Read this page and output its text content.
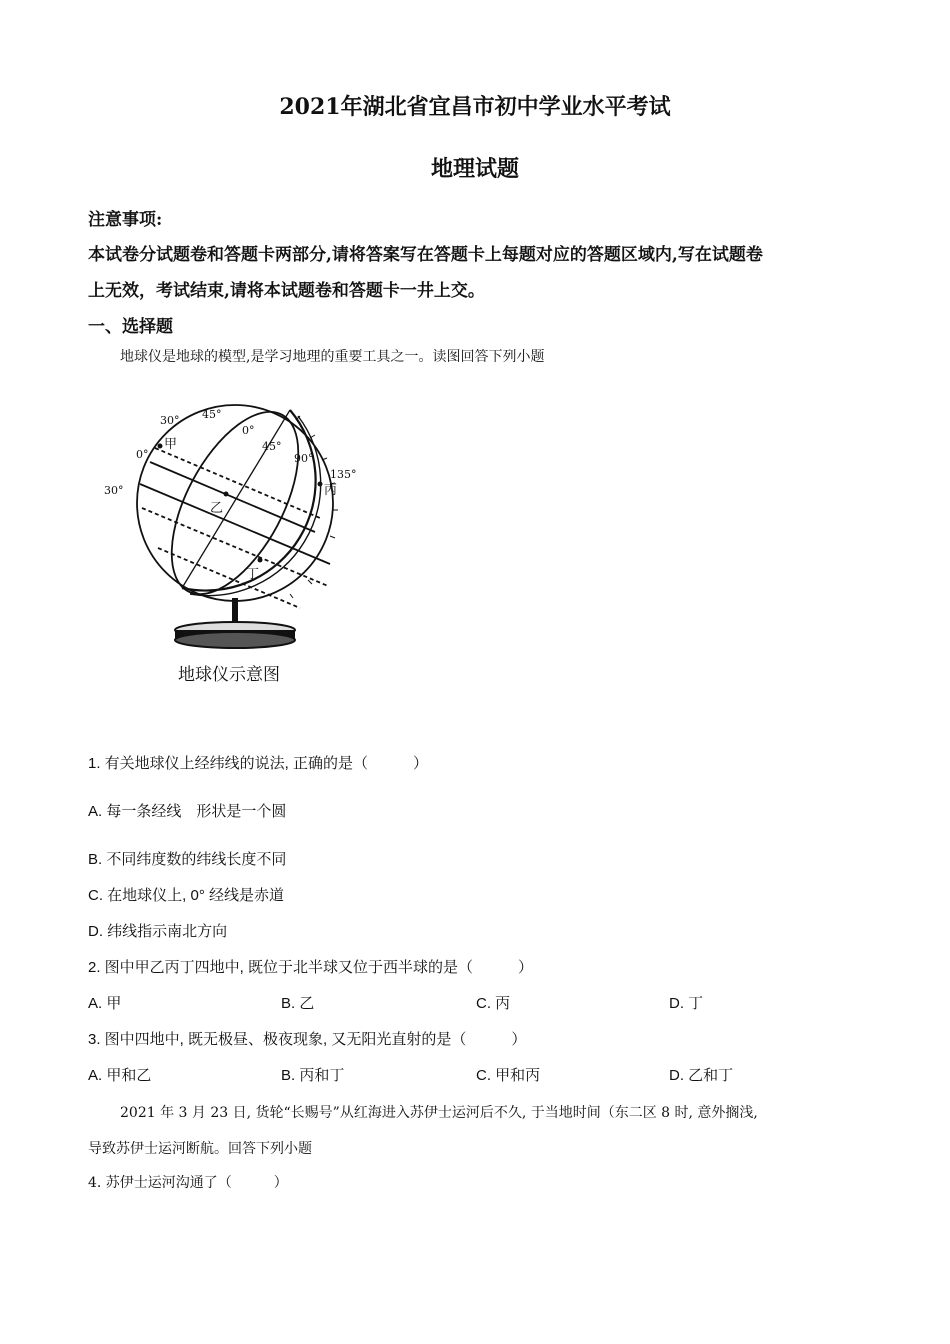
2021年湖北省宜昌市初中学业水平考试
地理试题
注意事项:
本试卷分试题卷和答题卡两部分,请将答案写在答题卡上每题对应的答题区域内,写在试题卷
上无效，考试结束,请将本试题卷和答题卡一井上交。
一、选择题
地球仪是地球的模型,是学习地理的重要工具之一。读图回答下列小题
30° 45°
0°
45°
90°
135°
0°
30°
甲
乙
丙
丁
地球仪示意图
1. 有关地球仪上经纬线的说法, 正确的是（　　　）
A. 每一条经线　形状是一个圆
B. 不同纬度数的纬线长度不同
C. 在地球仪上, 0° 经线是赤道
D. 纬线指示南北方向
2. 图中甲乙丙丁四地中, 既位于北半球又位于西半球的是（　　　）
A. 甲	B. 乙	C. 丙	D. 丁
3. 图中四地中, 既无极昼、极夜现象, 又无阳光直射的是（　　　）
A. 甲和乙	B. 丙和丁	C. 甲和丙	D. 乙和丁
2021 年 3 月 23 日, 货轮“长赐号”从红海进入苏伊士运河后不久, 于当地时间（东二区 8 时, 意外搁浅,
导致苏伊士运河断航。回答下列小题
4. 苏伊士运河沟通了（　　　）
